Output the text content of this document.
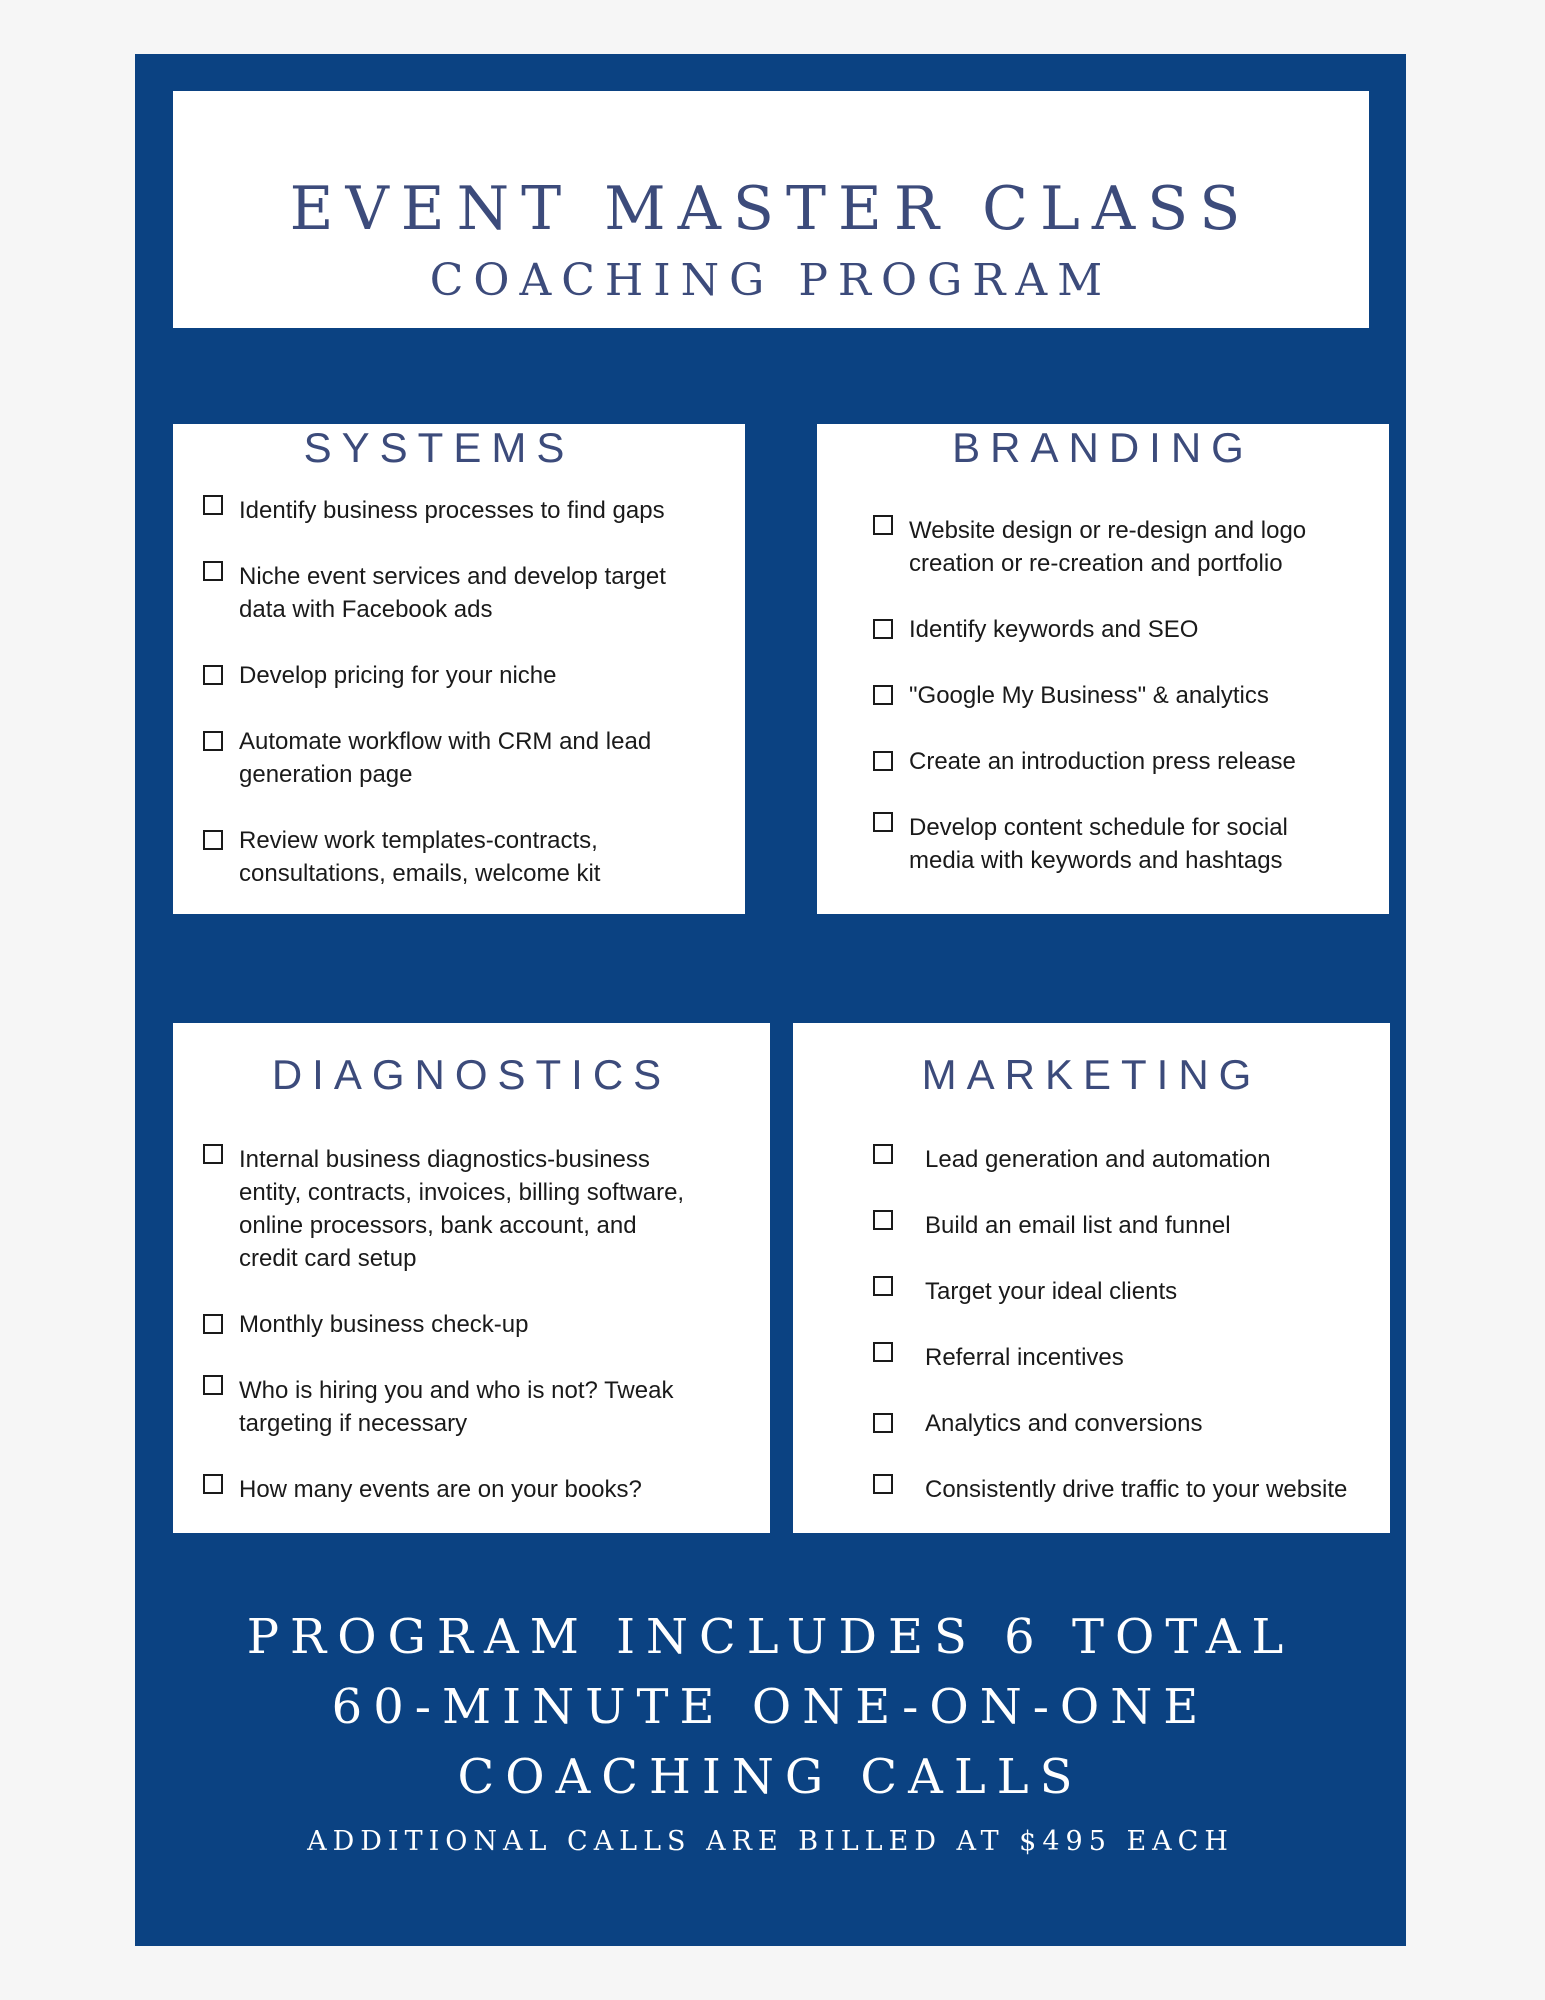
EVENT MASTER CLASS
COACHING PROGRAM
SYSTEMS
Identify business processes to find gaps
Niche event services and develop target
data with Facebook ads
Develop pricing for your niche
Automate workflow with CRM and lead
generation page
Review work templates-contracts,
consultations, emails, welcome kit
BRANDING
Website design or re-design and logo
creation or re-creation and portfolio
Identify keywords and SEO
"Google My Business" & analytics
Create an introduction press release
Develop content schedule for social
media with keywords and hashtags
DIAGNOSTICS
Internal business diagnostics-business
entity, contracts, invoices, billing software,
online processors, bank account, and
credit card setup
Monthly business check-up
Who is hiring you and who is not? Tweak
targeting if necessary
How many events are on your books?
MARKETING
Lead generation and automation
Build an email list and funnel
Target your ideal clients
Referral incentives
Analytics and conversions
Consistently drive traffic to your website
PROGRAM INCLUDES 6 TOTAL
60-MINUTE ONE-ON-ONE
COACHING CALLS
ADDITIONAL CALLS ARE BILLED AT $495 EACH
